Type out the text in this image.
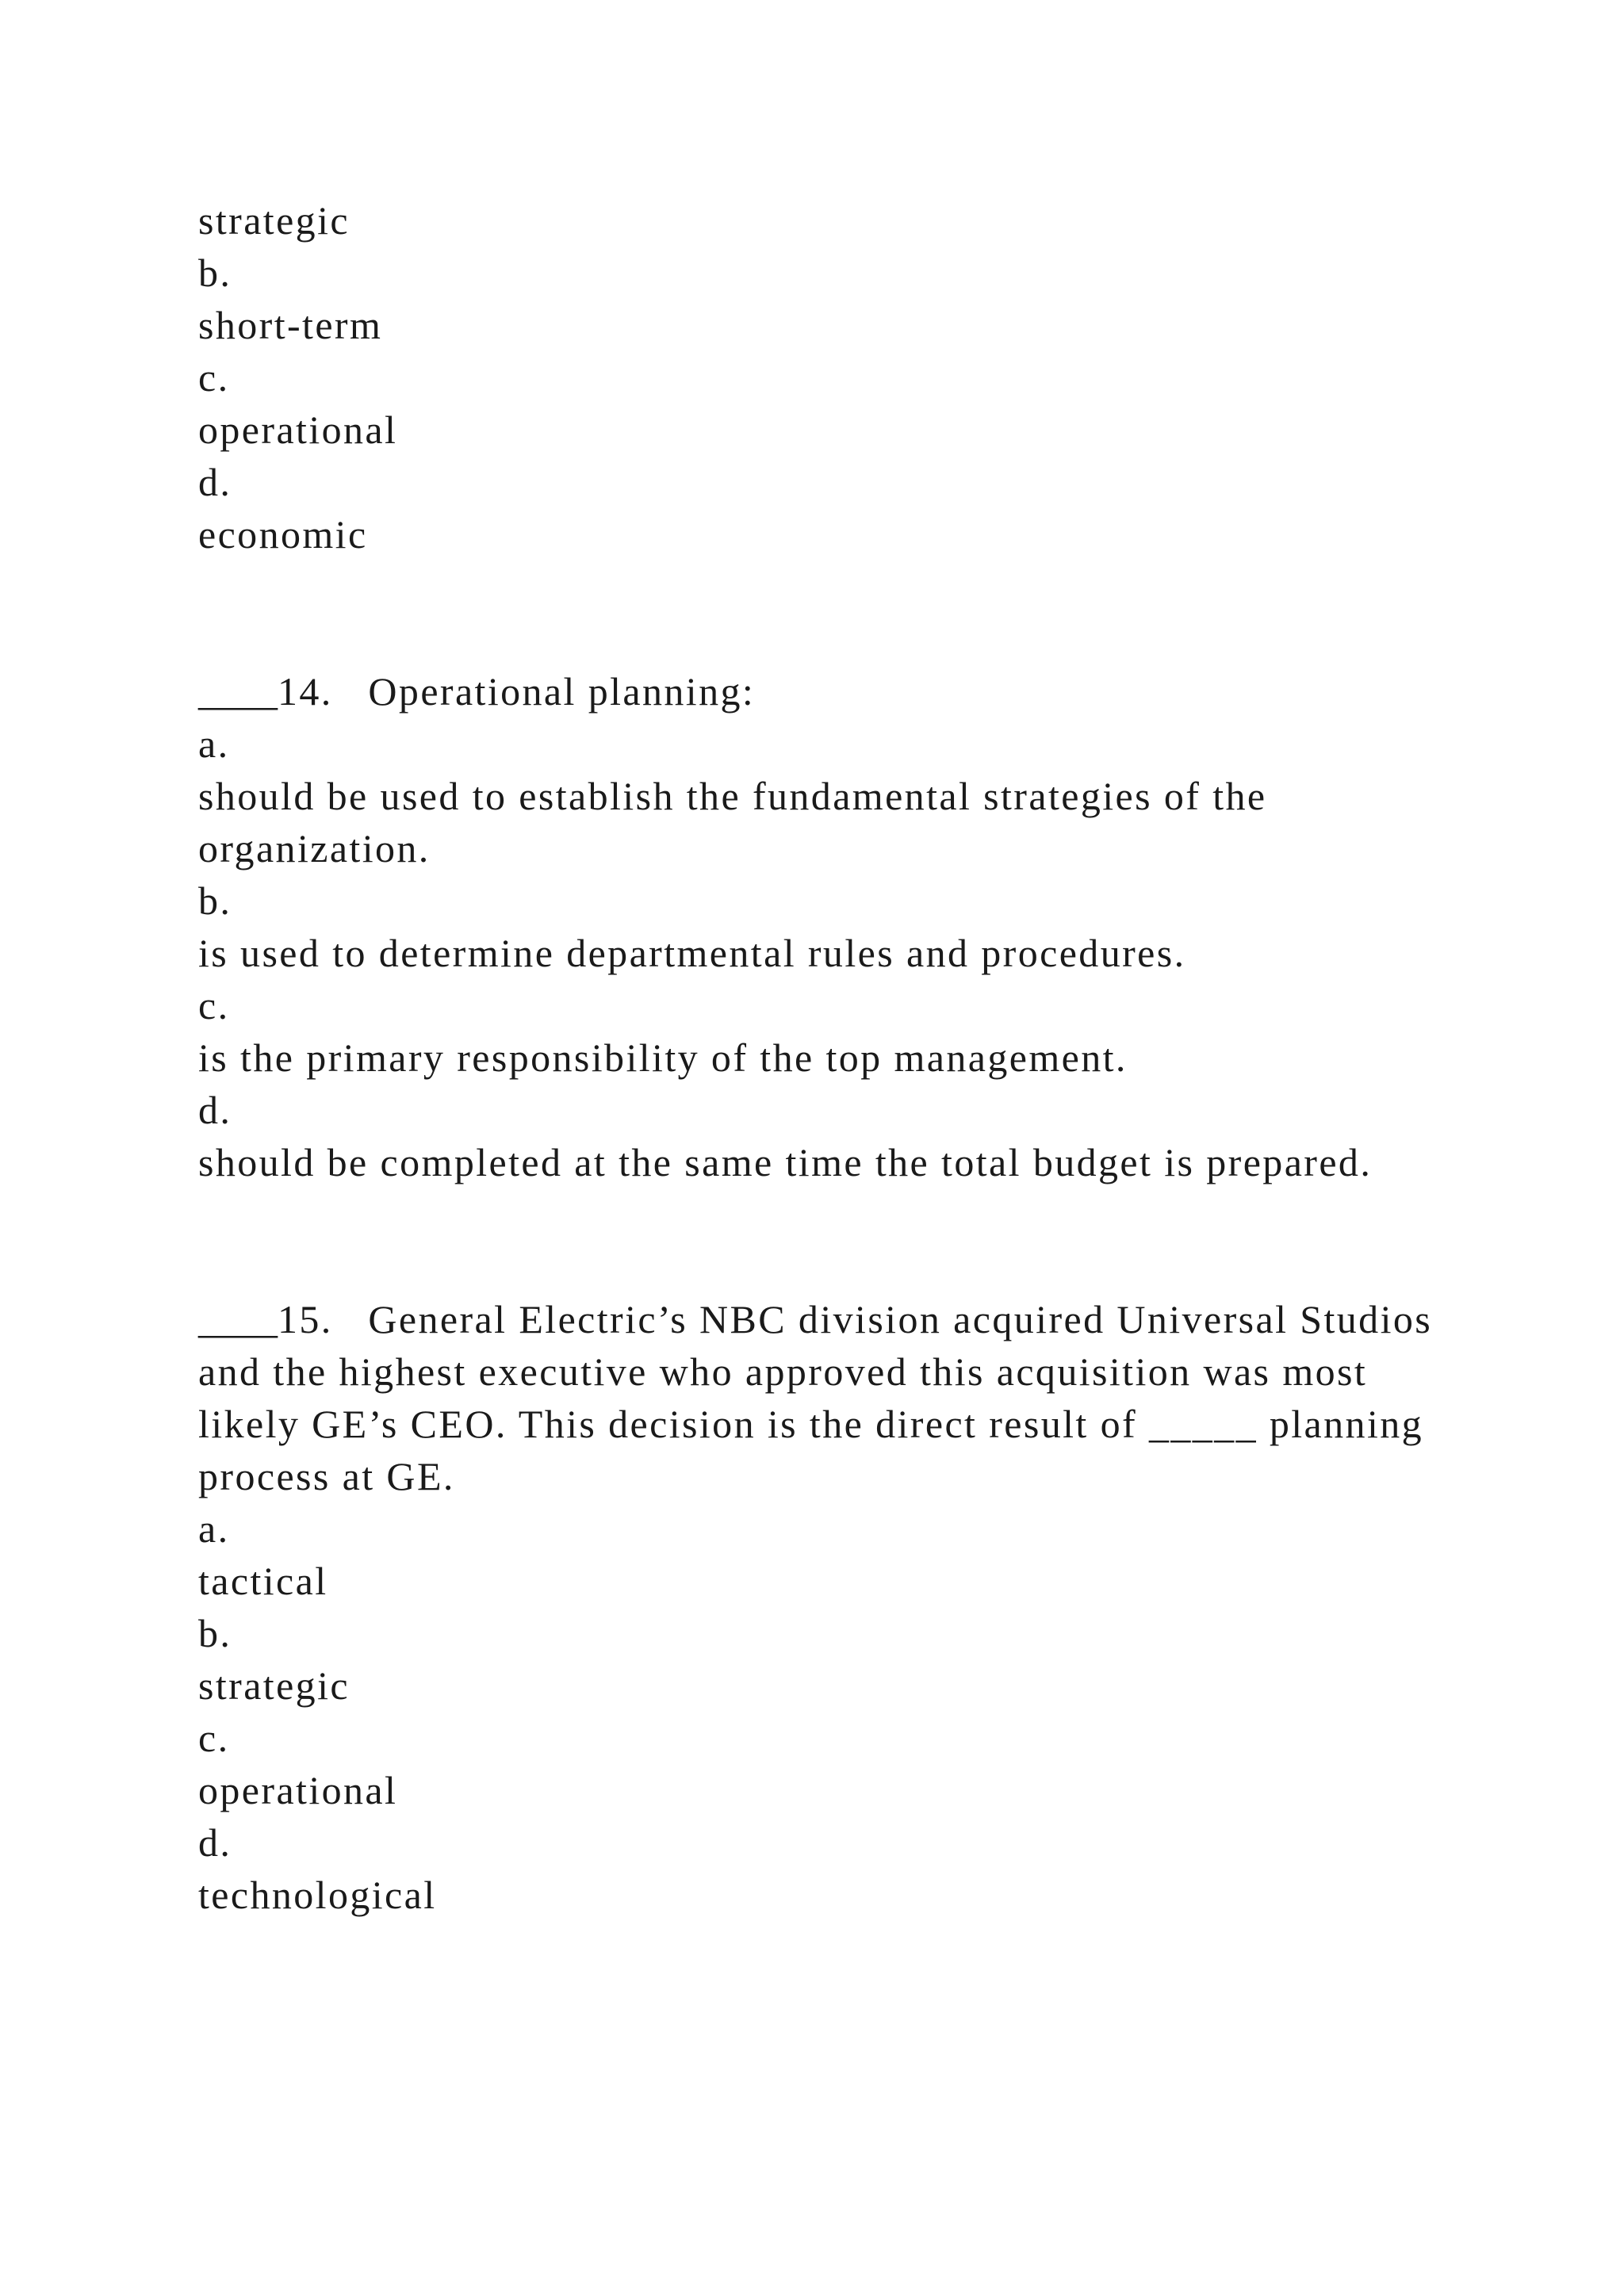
strategic

b.

short-term

c.

operational

d.

economic

____14. Operational planning:

a.

should be used to establish the fundamental strategies of the organization.

b.

is used to determine departmental rules and procedures.

c.

is the primary responsibility of the top management.

d.

should be completed at the same time the total budget is prepared.

____15. General Electric’s NBC division acquired Universal Studios and the highest executive who approved this acquisition was most likely GE’s CEO. This decision is the direct result of _____ planning process at GE.

a.

tactical

b.

strategic

c.

operational

d.

technological
